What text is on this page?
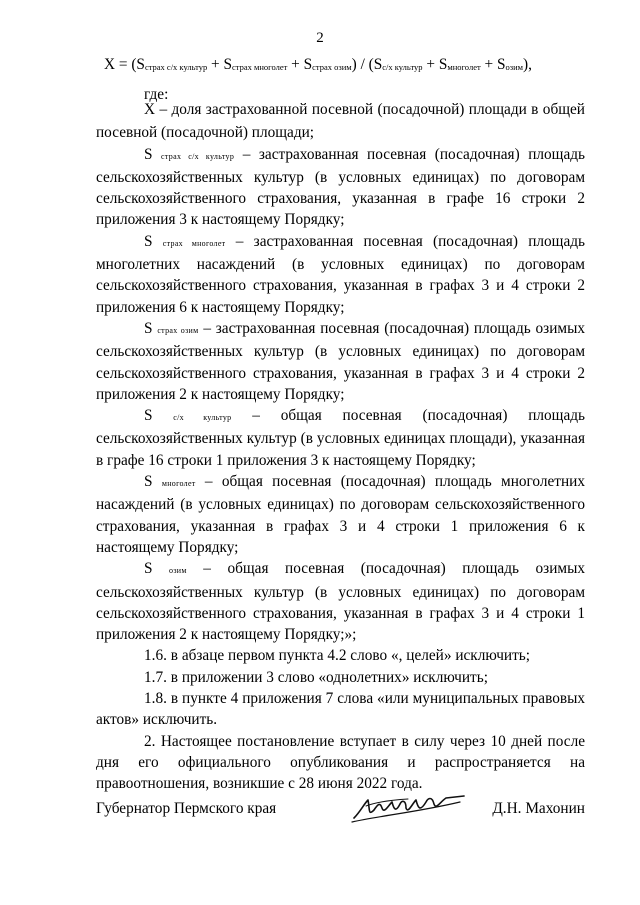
2
$X = (S_{страх с/х культур} + S_{страх многолет} + S_{страх озим}) / (S_{с/х культур} + S_{многолет} + S_{озим})$,
где:

X – доля застрахованной посевной (посадочной) площади в общей посевной (посадочной) площади;

S страх с/х культур – застрахованная посевная (посадочная) площадь сельскохозяйственных культур (в условных единицах) по договорам сельскохозяйственного страхования, указанная в графе 16 строки 2 приложения 3 к настоящему Порядку;

S страх многолет – застрахованная посевная (посадочная) площадь многолетних насаждений (в условных единицах) по договорам сельскохозяйственного страхования, указанная в графах 3 и 4 строки 2 приложения 6 к настоящему Порядку;

S страх озим – застрахованная посевная (посадочная) площадь озимых сельскохозяйственных культур (в условных единицах) по договорам сельскохозяйственного страхования, указанная в графах 3 и 4 строки 2 приложения 2 к настоящему Порядку;

S	с/х культур – общая посевная (посадочная) площадь сельскохозяйственных культур (в условных единицах площади), указанная в графе 16 строки 1 приложения 3 к настоящему Порядку;

S многолет – общая посевная (посадочная) площадь многолетних насаждений (в условных единицах) по договорам сельскохозяйственного страхования, указанная в графах 3 и 4 строки 1 приложения 6 к настоящему Порядку;

S озим – общая посевная (посадочная) площадь озимых сельскохозяйственных культур (в условных единицах) по договорам сельскохозяйственного страхования, указанная в графах 3 и 4 строки 1 приложения 2 к настоящему Порядку;»;

1.6. в абзаце первом пункта 4.2 слово «, целей» исключить;

1.7. в приложении 3 слово «однолетних» исключить;

1.8. в пункте 4 приложения 7 слова «или муниципальных правовых актов» исключить.

2. Настоящее постановление вступает в силу через 10 дней после дня его официального опубликования и распространяется на правоотношения, возникшие с 28 июня 2022 года.

Губернатор Пермского края	Д.Н. Махонин
